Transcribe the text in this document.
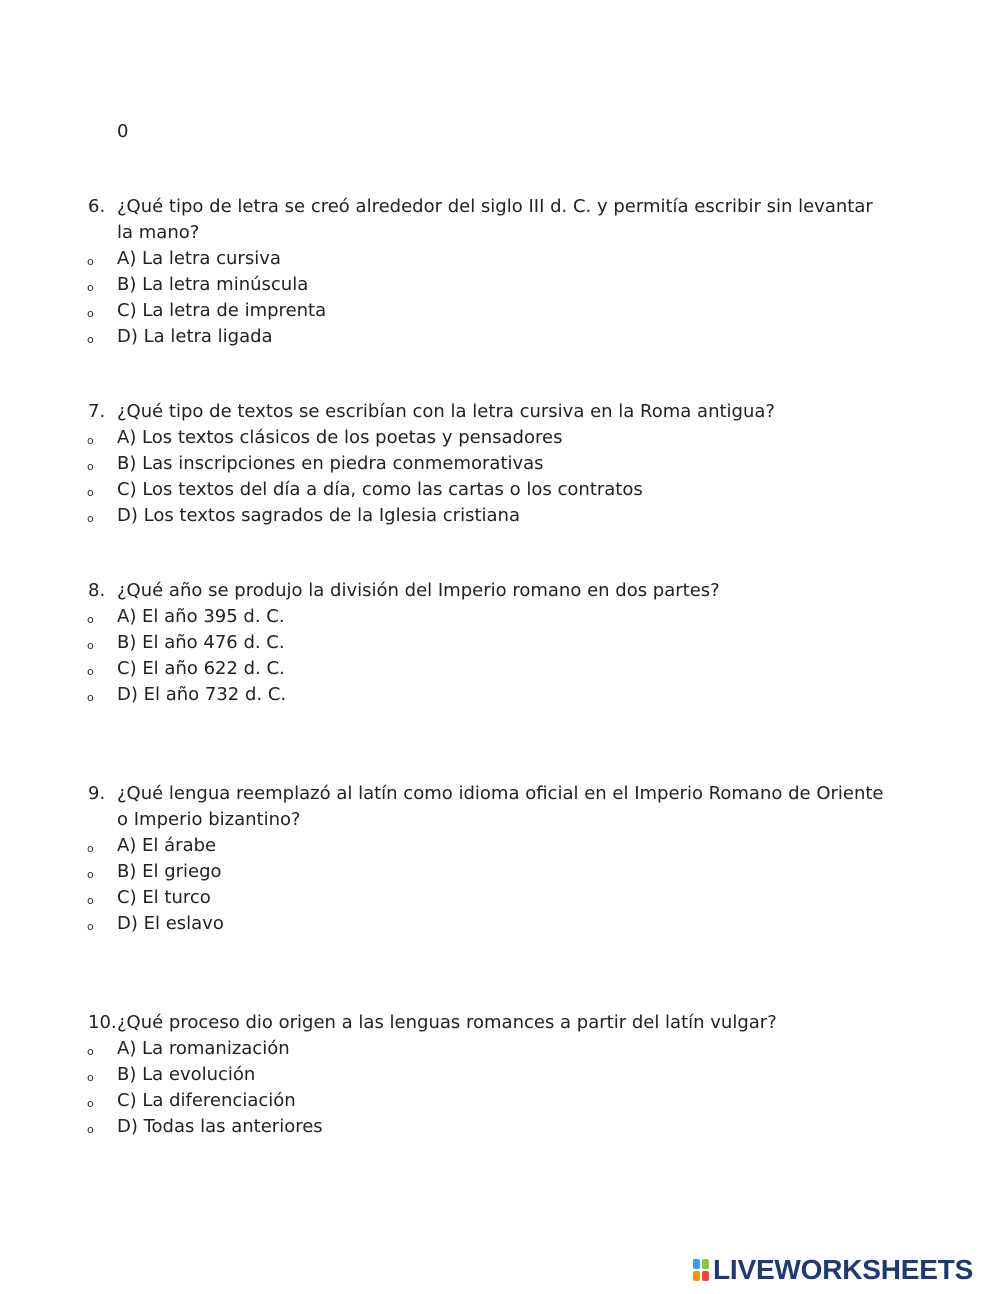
0
6. ¿Qué tipo de letra se creó alrededor del siglo III d. C. y permitía escribir sin levantar la mano?
o A) La letra cursiva
o B) La letra minúscula
o C) La letra de imprenta
o D) La letra ligada
7. ¿Qué tipo de textos se escribían con la letra cursiva en la Roma antigua?
o A) Los textos clásicos de los poetas y pensadores
o B) Las inscripciones en piedra conmemorativas
o C) Los textos del día a día, como las cartas o los contratos
o D) Los textos sagrados de la Iglesia cristiana
8. ¿Qué año se produjo la división del Imperio romano en dos partes?
o A) El año 395 d. C.
o B) El año 476 d. C.
o C) El año 622 d. C.
o D) El año 732 d. C.
9. ¿Qué lengua reemplazó al latín como idioma oficial en el Imperio Romano de Oriente o Imperio bizantino?
o A) El árabe
o B) El griego
o C) El turco
o D) El eslavo
10. ¿Qué proceso dio origen a las lenguas romances a partir del latín vulgar?
o A) La romanización
o B) La evolución
o C) La diferenciación
o D) Todas las anteriores
LIVEWORKSHEETS
